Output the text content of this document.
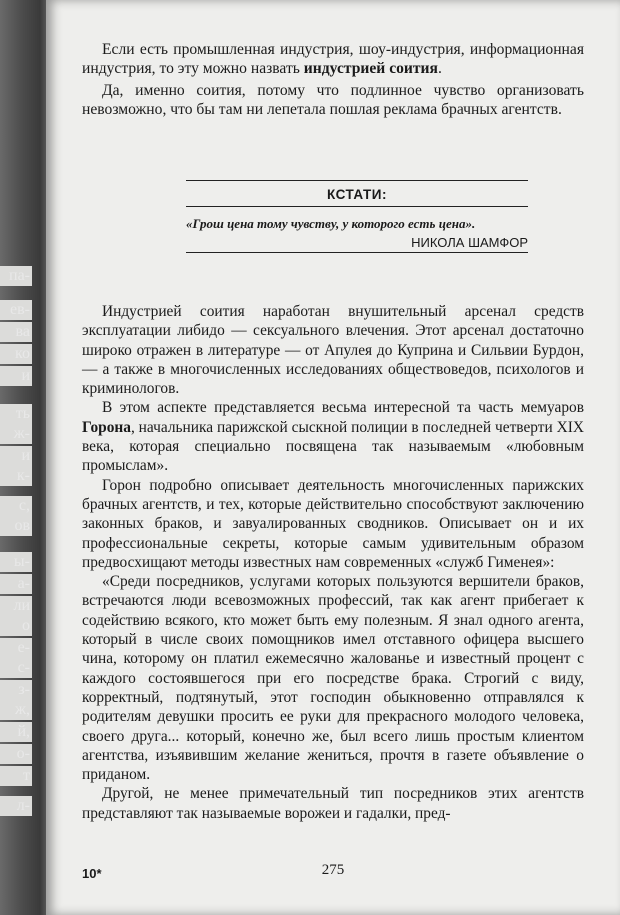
па-
ев-
ва
ко
и
ть
ж-
и
к-
с,
ов
ы-
а-
ли
о
е-
с-
з-
ж,
й,
о-
т
л-

Если есть промышленная индустрия, шоу-индустрия, информационная индустрия, то эту можно назвать индустрией соития.

Да, именно соития, потому что подлинное чувство организовать невозможно, что бы там ни лепетала пошлая реклама брачных агентств.

КСТАТИ:
«Грош цена тому чувству, у которого есть цена».
НИКОЛА ШАМФОР

Индустрией соития наработан внушительный арсенал средств эксплуатации либидо — сексуального влечения. Этот арсенал достаточно широко отражен в литературе — от Апулея до Куприна и Сильвии Бурдон,— а также в многочисленных исследованиях обществоведов, психологов и криминологов.

В этом аспекте представляется весьма интересной та часть мемуаров Горона, начальника парижской сыскной полиции в последней четверти XIX века, которая специально посвящена так называемым «любовным промыслам».

Горон подробно описывает деятельность многочисленных парижских брачных агентств, и тех, которые действительно способствуют заключению законных браков, и завуалированных сводников. Описывает он и их профессиональные секреты, которые самым удивительным образом предвосхищают методы известных нам современных «служб Гименея»:

«Среди посредников, услугами которых пользуются вершители браков, встречаются люди всевозможных профессий, так как агент прибегает к содействию всякого, кто может быть ему полезным. Я знал одного агента, который в числе своих помощников имел отставного офицера высшего чина, которому он платил ежемесячно жалованье и известный процент с каждого состоявшегося при его посредстве брака. Строгий с виду, корректный, подтянутый, этот господин обыкновенно отправлялся к родителям девушки просить ее руки для прекрасного молодого человека, своего друга... который, конечно же, был всего лишь простым клиентом агентства, изъявившим желание жениться, прочтя в газете объявление о приданом.

Другой, не менее примечательный тип посредников этих агентств представляют так называемые ворожеи и гадалки, пред-

10*	275
